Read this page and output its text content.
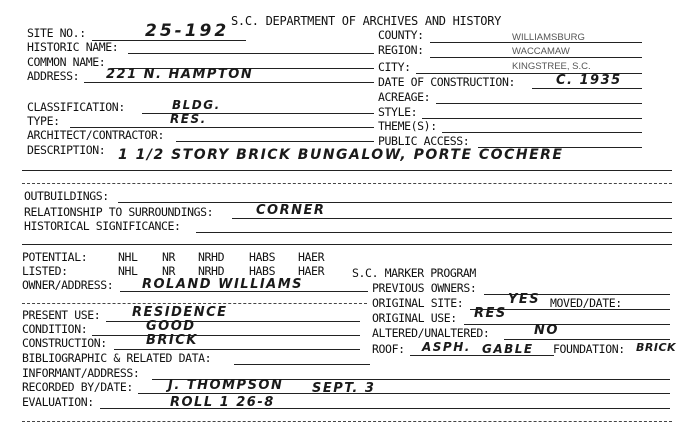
S.C. DEPARTMENT OF ARCHIVES AND HISTORY
SITE NO.:	25-192
HISTORIC NAME:
COMMON NAME:
ADDRESS: 221 N. HAMPTON
CLASSIFICATION:	BLDG.
TYPE:	RES.
ARCHITECT/CONTRACTOR:
DESCRIPTION: 1 1/2 STORY BRICK BUNGALOW, PORTE COCHERE
COUNTY:	WILLIAMSBURG
REGION:	WACCAMAW
CITY:	KINGSTREE, S.C.
DATE OF CONSTRUCTION:	C. 1935
ACREAGE:
STYLE:
THEME(S):
PUBLIC ACCESS:
OUTBUILDINGS:
RELATIONSHIP TO SURROUNDINGS:	CORNER
HISTORICAL SIGNIFICANCE:
POTENTIAL:	NHL NR NRHD HABS HAER
LISTED:	NHL NR NRHD HABS HAER S.C. MARKER PROGRAM
OWNER/ADDRESS: ROLAND WILLIAMS	PREVIOUS OWNERS:
ORIGINAL SITE:	YES MOVED/DATE:
ORIGINAL USE: RES
ALTERED/UNALTERED:	NO
ROOF: ASPH. GABLE FOUNDATION: BRICK
PRESENT USE: RESIDENCE
CONDITION:	GOOD
CONSTRUCTION:	BRICK
BIBLIOGRAPHIC & RELATED DATA:
INFORMANT/ADDRESS:
RECORDED BY/DATE:	J. THOMPSON SEPT. 3
EVALUATION:	ROLL 1 26-8
